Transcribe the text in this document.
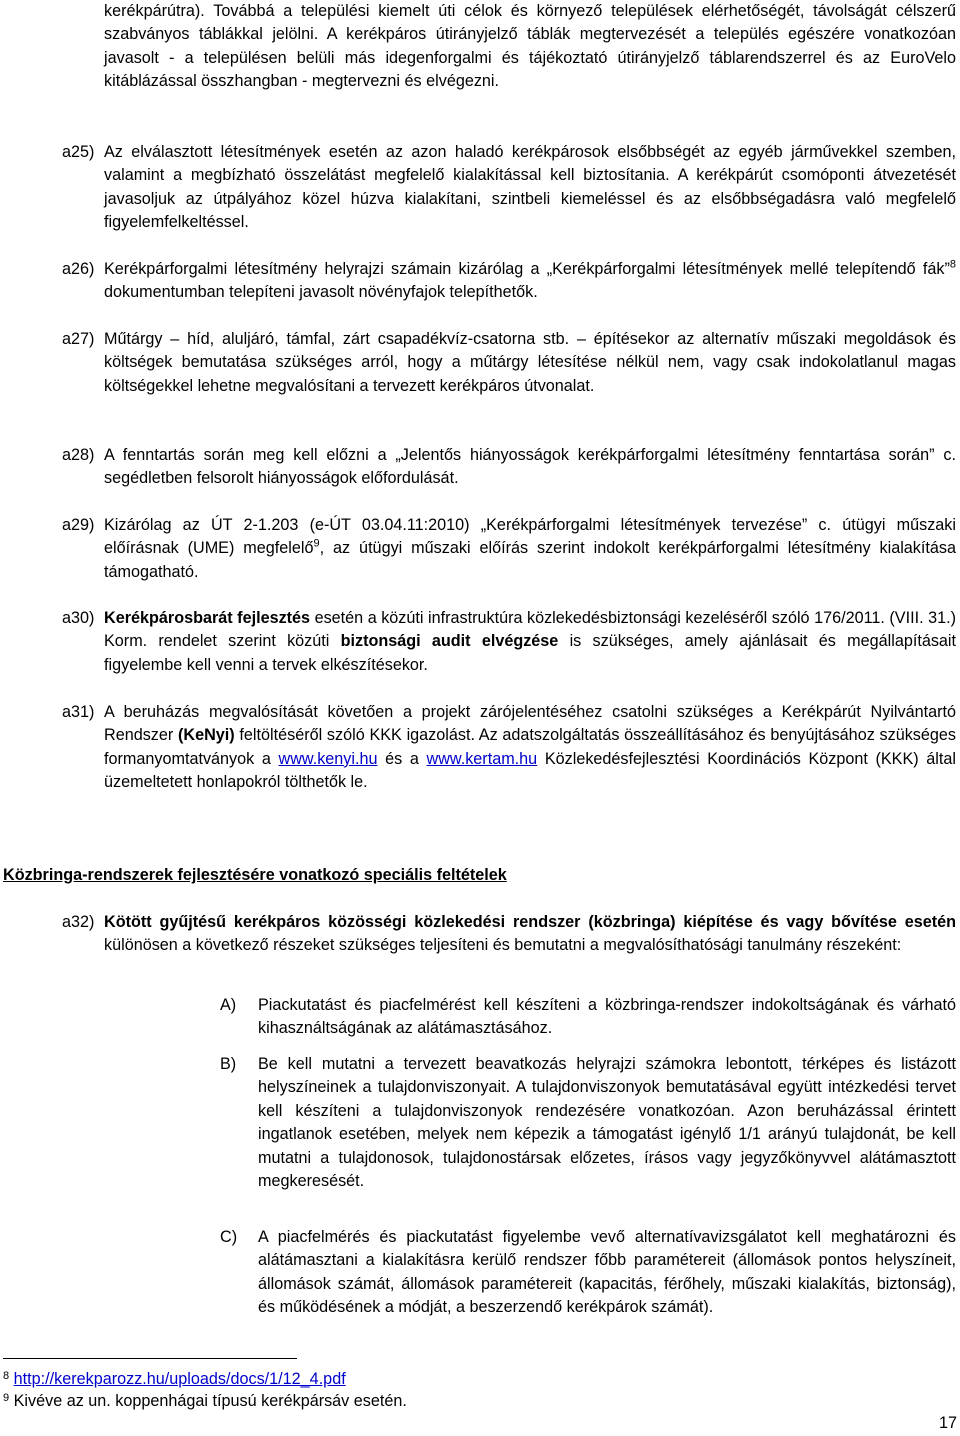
kerékpárútra). Továbbá a települési kiemelt úti célok és környező települések elérhetőségét, távolságát célszerű szabványos táblákkal jelölni. A kerékpáros útirányjelző táblák megtervezését a település egészére vonatkozóan javasolt - a településen belüli más idegenforgalmi és tájékoztató útirányjelző táblarendszerrel és az EuroVelo kitáblázással összhangban - megtervezni és elvégezni.

a25) Az elválasztott létesítmények esetén az azon haladó kerékpárosok elsőbbségét az egyéb járművekkel szemben, valamint a megbízható összelátást megfelelő kialakítással kell biztosítania. A kerékpárút csomóponti átvezetését javasoljuk az útpályához közel húzva kialakítani, szintbeli kiemeléssel és az elsőbbségadásra való megfelelő figyelemfelkeltéssel.

a26) Kerékpárforgalmi létesítmény helyrajzi számain kizárólag a „Kerékpárforgalmi létesítmények mellé telepítendő fák”$^8$ dokumentumban telepíteni javasolt növényfajok telepíthetők.

a27) Műtárgy – híd, aluljáró, támfal, zárt csapadékvíz-csatorna stb. – építésekor az alternatív műszaki megoldások és költségek bemutatása szükséges arról, hogy a műtárgy létesítése nélkül nem, vagy csak indokolatlanul magas költségekkel lehetne megvalósítani a tervezett kerékpáros útvonalat.

a28) A fenntartás során meg kell előzni a „Jelentős hiányosságok kerékpárforgalmi létesítmény fenntartása során” c. segédletben felsorolt hiányosságok előfordulását.

a29) Kizárólag az ÚT 2-1.203 (e-ÚT 03.04.11:2010) „Kerékpárforgalmi létesítmények tervezése” c. útügyi műszaki előírásnak (UME) megfelelő$^9$, az útügyi műszaki előírás szerint indokolt kerékpárforgalmi létesítmény kialakítása támogatható.

a30) Kerékpárosbarát fejlesztés esetén a közúti infrastruktúra közlekedésbiztonsági kezeléséről szóló 176/2011. (VIII. 31.) Korm. rendelet szerint közúti biztonsági audit elvégzése is szükséges, amely ajánlásait és megállapításait figyelembe kell venni a tervek elkészítésekor.

a31) A beruházás megvalósítását követően a projekt zárójelentéséhez csatolni szükséges a Kerékpárút Nyilvántartó Rendszer (KeNyi) feltöltéséről szóló KKK igazolást. Az adatszolgáltatás összeállításához és benyújtásához szükséges formanyomtatványok a www.kenyi.hu és a www.kertam.hu Közlekedésfejlesztési Koordinációs Központ (KKK) által üzemeltetett honlapokról tölthetők le.

Közbringa-rendszerek fejlesztésére vonatkozó speciális feltételek

a32) Kötött gyűjtésű kerékpáros közösségi közlekedési rendszer (közbringa) kiépítése és vagy bővítése esetén különösen a következő részeket szükséges teljesíteni és bemutatni a megvalósíthatósági tanulmány részeként:

A)	Piackutatást és piacfelmérést kell készíteni a közbringa-rendszer indokoltságának és várható kihasználtságának az alátámasztásához.

B)	Be kell mutatni a tervezett beavatkozás helyrajzi számokra lebontott, térképes és listázott helyszíneinek a tulajdonviszonyait. A tulajdonviszonyok bemutatásával együtt intézkedési tervet kell készíteni a tulajdonviszonyok rendezésére vonatkozóan. Azon beruházással érintett ingatlanok esetében, melyek nem képezik a támogatást igénylő 1/1 arányú tulajdonát, be kell mutatni a tulajdonosok, tulajdonostársak előzetes, írásos vagy jegyzőkönyvvel alátámasztott megkeresését.

C)	A piacfelmérés és piackutatást figyelembe vevő alternatívavizsgálatot kell meghatározni és alátámasztani a kialakításra kerülő rendszer főbb paramétereit (állomások pontos helyszíneit, állomások számát, állomások paramétereit (kapacitás, férőhely, műszaki kialakítás, biztonság), és működésének a módját, a beszerzendő kerékpárok számát).

$^8$ http://kerekparozz.hu/uploads/docs/1/12_4.pdf

$^9$ Kivéve az un. koppenhágai típusú kerékpársáv esetén.

17
